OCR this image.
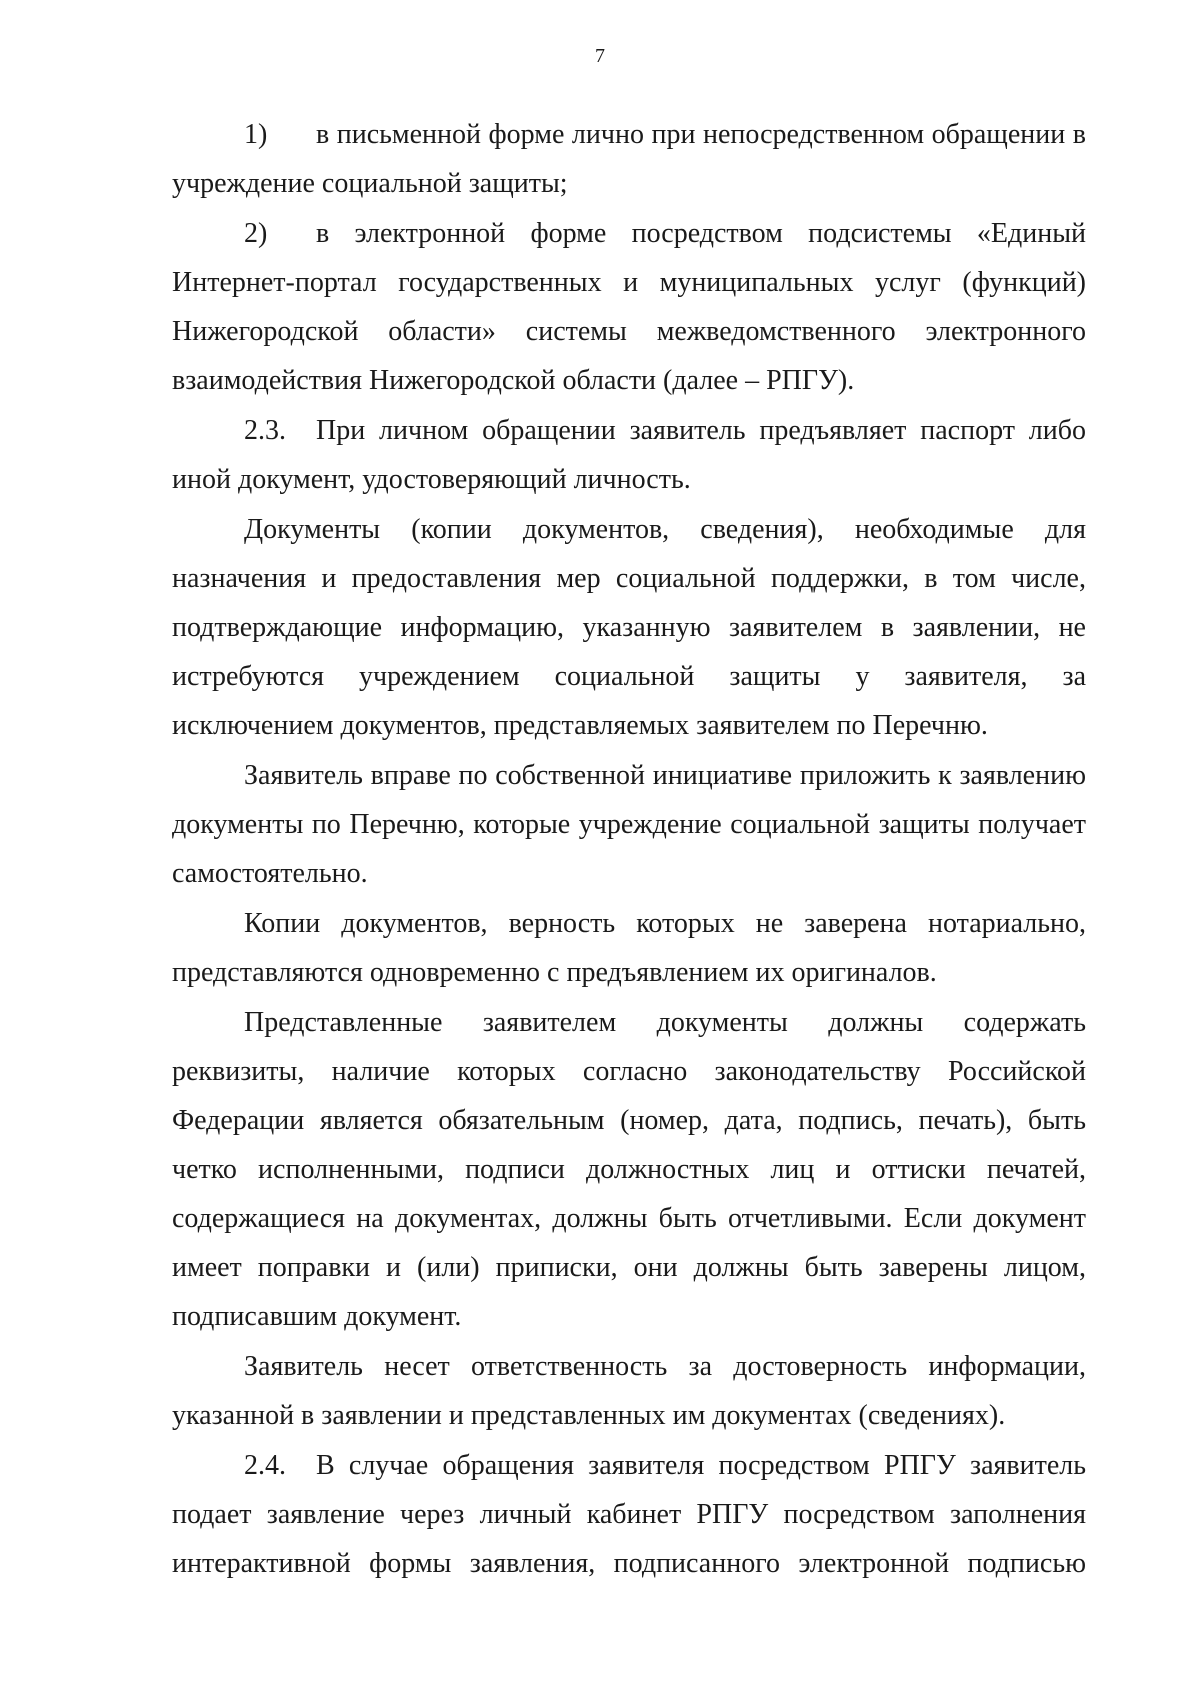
7

1) в письменной форме лично при непосредственном обращении в учреждение социальной защиты;

2) в электронной форме посредством подсистемы «Единый Интернет-портал государственных и муниципальных услуг (функций) Нижегородской области» системы межведомственного электронного взаимодействия Нижегородской области (далее – РПГУ).

2.3. При личном обращении заявитель предъявляет паспорт либо иной документ, удостоверяющий личность.

Документы (копии документов, сведения), необходимые для назначения и предоставления мер социальной поддержки, в том числе, подтверждающие информацию, указанную заявителем в заявлении, не истребуются учреждением социальной защиты у заявителя, за исключением документов, представляемых заявителем по Перечню.

Заявитель вправе по собственной инициативе приложить к заявлению документы по Перечню, которые учреждение социальной защиты получает самостоятельно.

Копии документов, верность которых не заверена нотариально, представляются одновременно с предъявлением их оригиналов.

Представленные заявителем документы должны содержать реквизиты, наличие которых согласно законодательству Российской Федерации является обязательным (номер, дата, подпись, печать), быть четко исполненными, подписи должностных лиц и оттиски печатей, содержащиеся на документах, должны быть отчетливыми. Если документ имеет поправки и (или) приписки, они должны быть заверены лицом, подписавшим документ.

Заявитель несет ответственность за достоверность информации, указанной в заявлении и представленных им документах (сведениях).

2.4. В случае обращения заявителя посредством РПГУ заявитель подает заявление через личный кабинет РПГУ посредством заполнения интерактивной формы заявления, подписанного электронной подписью
